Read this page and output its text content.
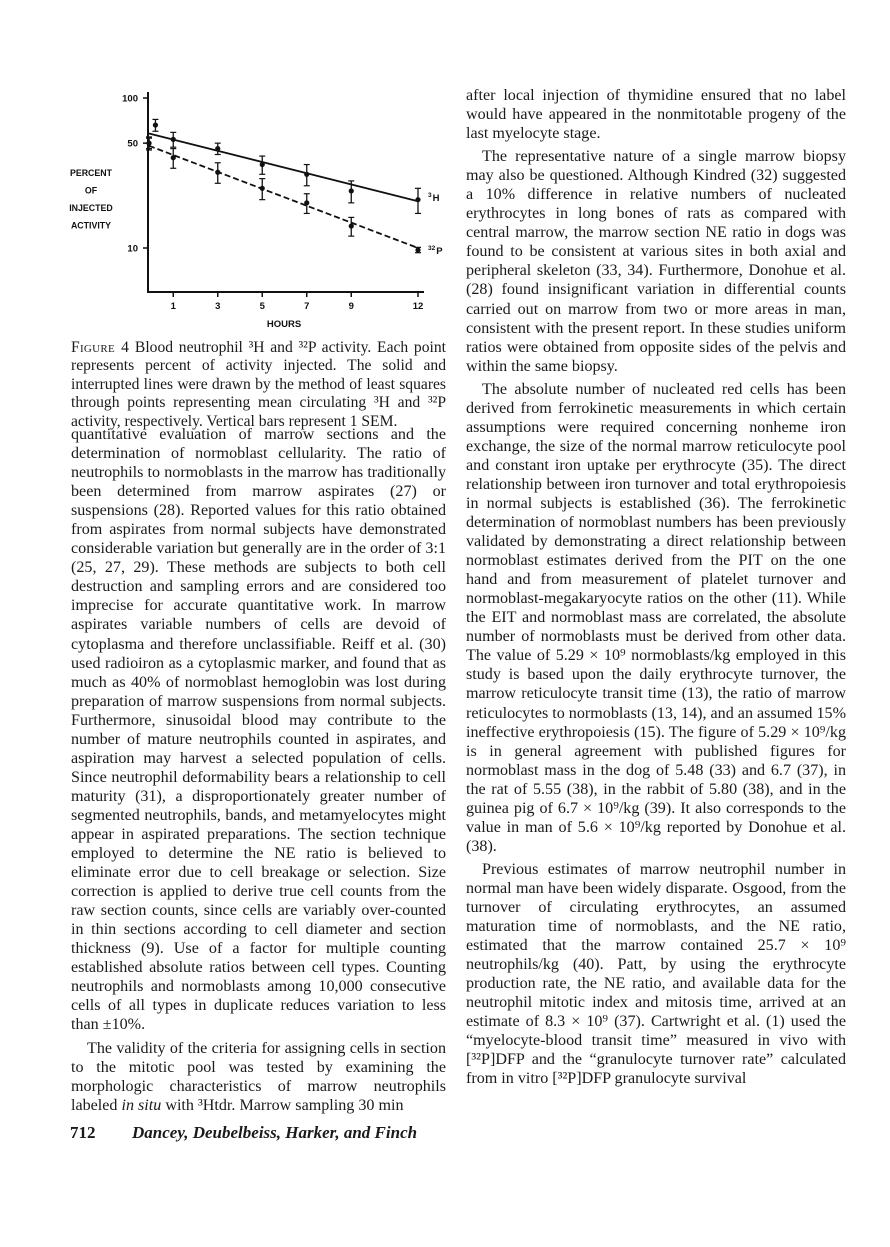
100
50
10
1	3	5	7	9	12
$^3$H
$^{32}$P
HOURS
PERCENT
OF
INJECTED
ACTIVITY
Figure 4 Blood neutrophil ³H and ³²P activity. Each point represents percent of activity injected. The solid and interrupted lines were drawn by the method of least squares through points representing mean circulating ³H and ³²P activity, respectively. Vertical bars represent 1 SEM.

quantitative evaluation of marrow sections and the determination of normoblast cellularity. The ratio of neutrophils to normoblasts in the marrow has traditionally been determined from marrow aspirates (27) or suspensions (28). Reported values for this ratio obtained from aspirates from normal subjects have demonstrated considerable variation but generally are in the order of 3:1 (25, 27, 29). These methods are subjects to both cell destruction and sampling errors and are considered too imprecise for accurate quantitative work. In marrow aspirates variable numbers of cells are devoid of cytoplasma and therefore unclassifiable. Reiff et al. (30) used radioiron as a cytoplasmic marker, and found that as much as 40% of normoblast hemoglobin was lost during preparation of marrow suspensions from normal subjects. Furthermore, sinusoidal blood may contribute to the number of mature neutrophils counted in aspirates, and aspiration may harvest a selected population of cells. Since neutrophil deformability bears a relationship to cell maturity (31), a disproportionately greater number of segmented neutrophils, bands, and metamyelocytes might appear in aspirated preparations. The section technique employed to determine the NE ratio is believed to eliminate error due to cell breakage or selection. Size correction is applied to derive true cell counts from the raw section counts, since cells are variably over-counted in thin sections according to cell diameter and section thickness (9). Use of a factor for multiple counting established absolute ratios between cell types. Counting neutrophils and normoblasts among 10,000 consecutive cells of all types in duplicate reduces variation to less than ±10%.

The validity of the criteria for assigning cells in section to the mitotic pool was tested by examining the morphologic characteristics of marrow neutrophils labeled in situ with ³Htdr. Marrow sampling 30 min

after local injection of thymidine ensured that no label would have appeared in the nonmitotable progeny of the last myelocyte stage.

The representative nature of a single marrow biopsy may also be questioned. Although Kindred (32) suggested a 10% difference in relative numbers of nucleated erythrocytes in long bones of rats as compared with central marrow, the marrow section NE ratio in dogs was found to be consistent at various sites in both axial and peripheral skeleton (33, 34). Furthermore, Donohue et al. (28) found insignificant variation in differential counts carried out on marrow from two or more areas in man, consistent with the present report. In these studies uniform ratios were obtained from opposite sides of the pelvis and within the same biopsy.

The absolute number of nucleated red cells has been derived from ferrokinetic measurements in which certain assumptions were required concerning nonheme iron exchange, the size of the normal marrow reticulocyte pool and constant iron uptake per erythrocyte (35). The direct relationship between iron turnover and total erythropoiesis in normal subjects is established (36). The ferrokinetic determination of normoblast numbers has been previously validated by demonstrating a direct relationship between normoblast estimates derived from the PIT on the one hand and from measurement of platelet turnover and normoblast-megakaryocyte ratios on the other (11). While the EIT and normoblast mass are correlated, the absolute number of normoblasts must be derived from other data. The value of 5.29 × 10⁹ normoblasts/kg employed in this study is based upon the daily erythrocyte turnover, the marrow reticulocyte transit time (13), the ratio of marrow reticulocytes to normoblasts (13, 14), and an assumed 15% ineffective erythropoiesis (15). The figure of 5.29 × 10⁹/kg is in general agreement with published figures for normoblast mass in the dog of 5.48 (33) and 6.7 (37), in the rat of 5.55 (38), in the rabbit of 5.80 (38), and in the guinea pig of 6.7 × 10⁹/kg (39). It also corresponds to the value in man of 5.6 × 10⁹/kg reported by Donohue et al. (38).

Previous estimates of marrow neutrophil number in normal man have been widely disparate. Osgood, from the turnover of circulating erythrocytes, an assumed maturation time of normoblasts, and the NE ratio, estimated that the marrow contained 25.7 × 10⁹ neutrophils/kg (40). Patt, by using the erythrocyte production rate, the NE ratio, and available data for the neutrophil mitotic index and mitosis time, arrived at an estimate of 8.3 × 10⁹ (37). Cartwright et al. (1) used the “myelocyte-blood transit time” measured in vivo with [³²P]DFP and the “granulocyte turnover rate” calculated from in vitro [³²P]DFP granulocyte survival

712 Dancey, Deubelbeiss, Harker, and Finch
